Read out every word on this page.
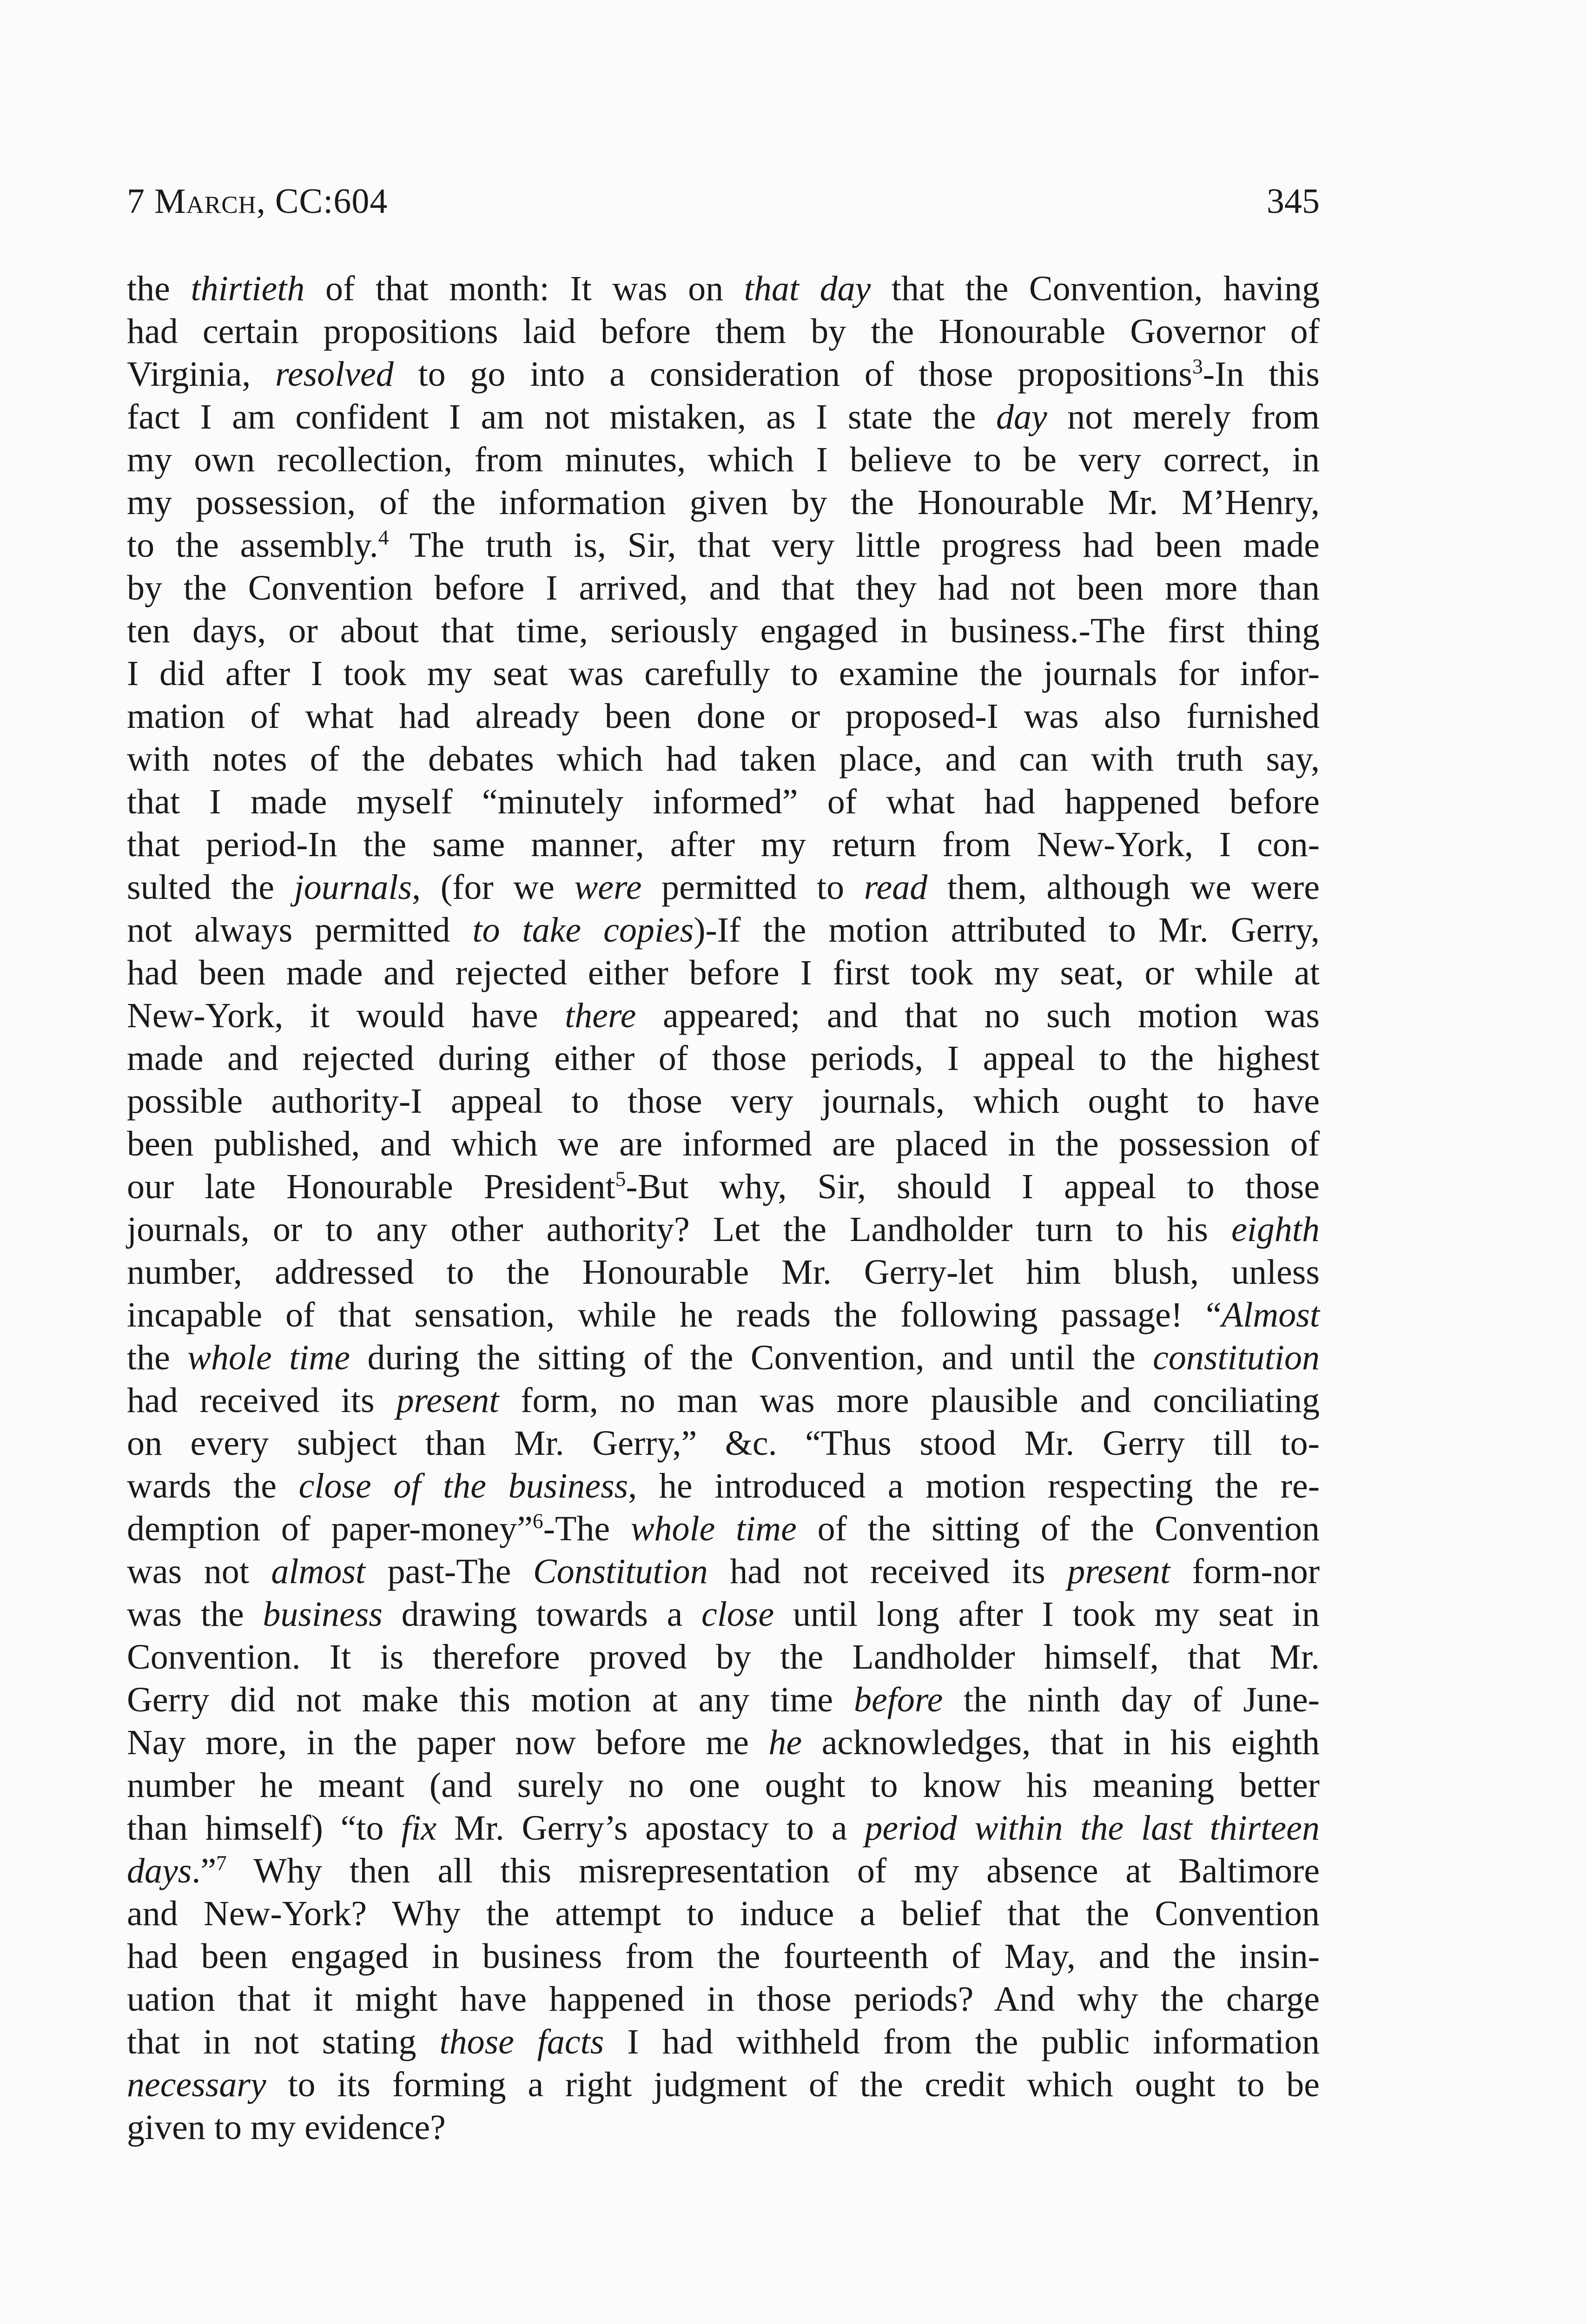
7 March, CC:604	345
the thirtieth of that month: It was on that day that the Convention, having
had certain propositions laid before them by the Honourable Governor of
Virginia, resolved to go into a consideration of those propositions$^3$-In this
fact I am confident I am not mistaken, as I state the day not merely from
my own recollection, from minutes, which I believe to be very correct, in
my possession, of the information given by the Honourable Mr. M’Henry,
to the assembly.$^4$ The truth is, Sir, that very little progress had been made
by the Convention before I arrived, and that they had not been more than
ten days, or about that time, seriously engaged in business.-The first thing
I did after I took my seat was carefully to examine the journals for infor-
mation of what had already been done or proposed-I was also furnished
with notes of the debates which had taken place, and can with truth say,
that I made myself “minutely informed” of what had happened before
that period-In the same manner, after my return from New-York, I con-
sulted the journals, (for we were permitted to read them, although we were
not always permitted to take copies)-If the motion attributed to Mr. Gerry,
had been made and rejected either before I first took my seat, or while at
New-York, it would have there appeared; and that no such motion was
made and rejected during either of those periods, I appeal to the highest
possible authority-I appeal to those very journals, which ought to have
been published, and which we are informed are placed in the possession of
our late Honourable President$^5$-But why, Sir, should I appeal to those
journals, or to any other authority? Let the Landholder turn to his eighth
number, addressed to the Honourable Mr. Gerry-let him blush, unless
incapable of that sensation, while he reads the following passage! “Almost
the whole time during the sitting of the Convention, and until the constitution
had received its present form, no man was more plausible and conciliating
on every subject than Mr. Gerry,” &c. “Thus stood Mr. Gerry till to-
wards the close of the business, he introduced a motion respecting the re-
demption of paper-money”$^6$-The whole time of the sitting of the Convention
was not almost past-The Constitution had not received its present form-nor
was the business drawing towards a close until long after I took my seat in
Convention. It is therefore proved by the Landholder himself, that Mr.
Gerry did not make this motion at any time before the ninth day of June-
Nay more, in the paper now before me he acknowledges, that in his eighth
number he meant (and surely no one ought to know his meaning better
than himself) “to fix Mr. Gerry’s apostacy to a period within the last thirteen
days.”$^7$ Why then all this misrepresentation of my absence at Baltimore
and New-York? Why the attempt to induce a belief that the Convention
had been engaged in business from the fourteenth of May, and the insin-
uation that it might have happened in those periods? And why the charge
that in not stating those facts I had withheld from the public information
necessary to its forming a right judgment of the credit which ought to be
given to my evidence?
